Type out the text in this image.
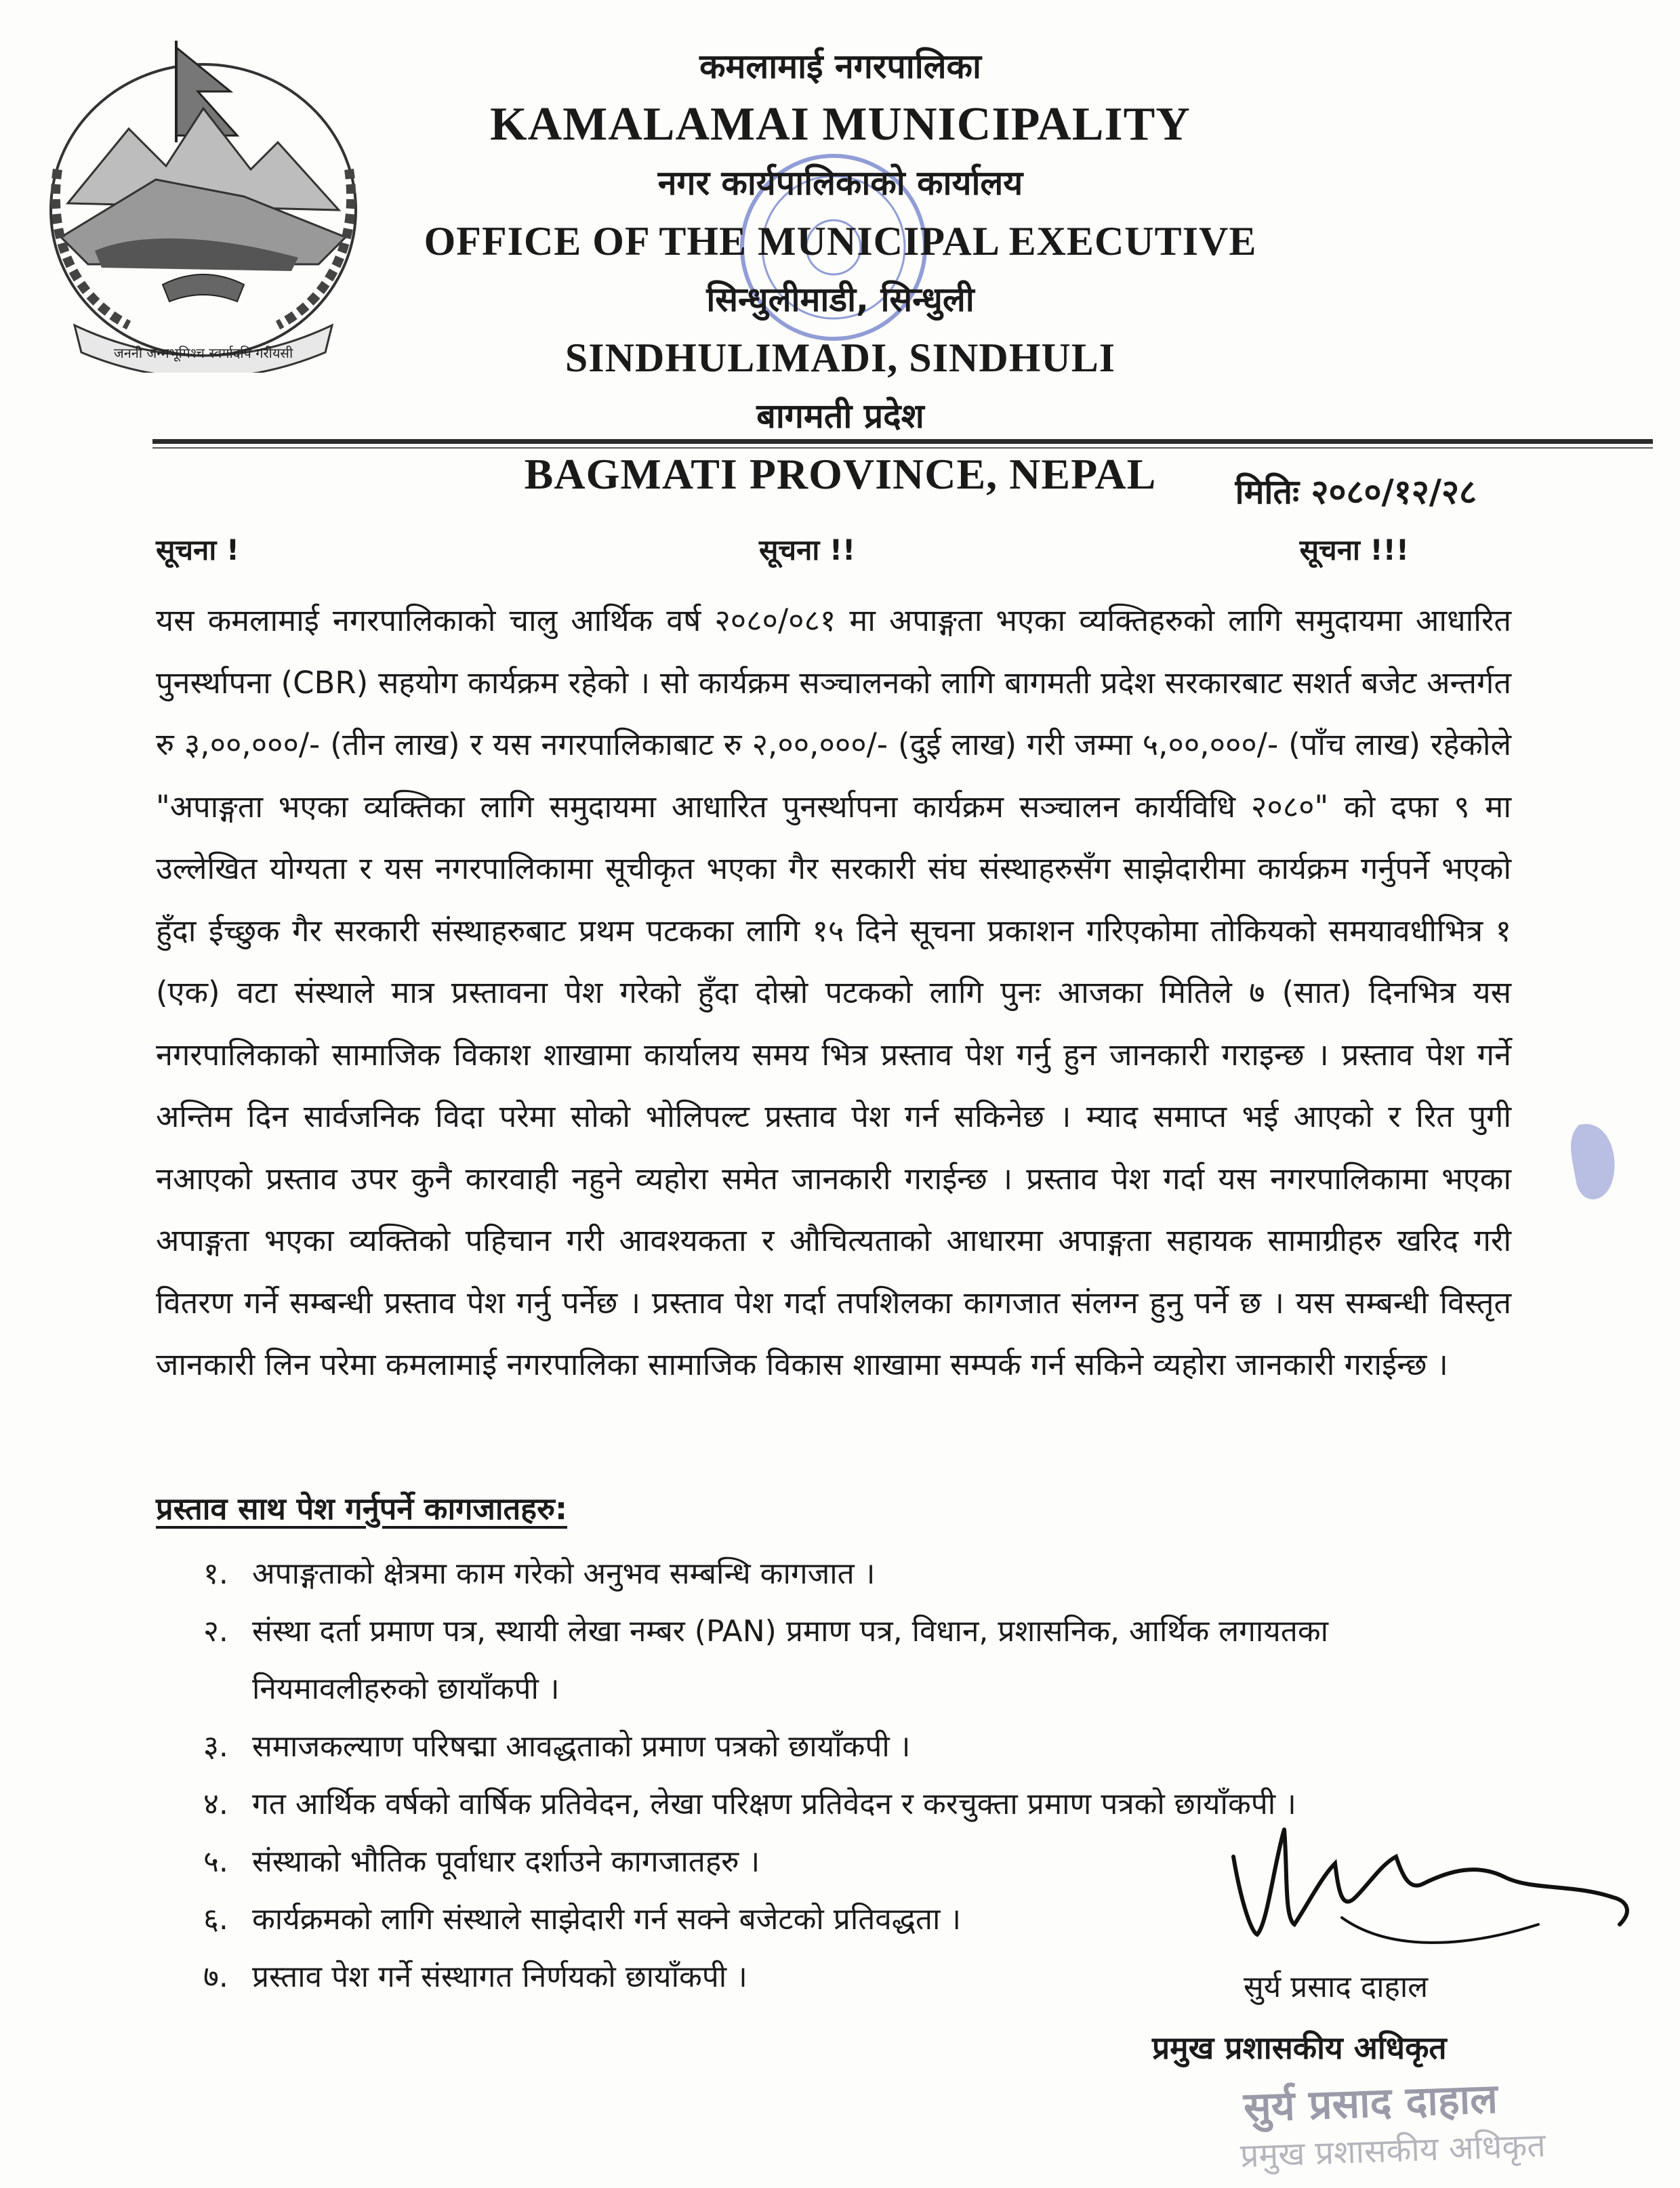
जननी जन्मभूमिश्च स्वर्गादपि गरीयसी
कमलामाई नगरपालिका
KAMALAMAI MUNICIPALITY
नगर कार्यपालिकाको कार्यालय
OFFICE OF THE MUNICIPAL EXECUTIVE
सिन्धुलीमाडी, सिन्धुली
SINDHULIMADI, SINDHULI
बागमती प्रदेश
BAGMATI PROVINCE, NEPAL	मितिः २०८०/१२/२८
सूचना !	सूचना !!	सूचना !!!
यस कमलामाई नगरपालिकाको चालु आर्थिक वर्ष २०८०/०८१ मा अपाङ्गता भएका व्यक्तिहरुको लागि समुदायमा आधारित पुनर्स्थापना (CBR) सहयोग कार्यक्रम रहेको । सो कार्यक्रम सञ्चालनको लागि बागमती प्रदेश सरकारबाट सशर्त बजेट अन्तर्गत रु ३,००,०००/- (तीन लाख) र यस नगरपालिकाबाट रु २,००,०००/- (दुई लाख) गरी जम्मा ५,००,०००/- (पाँच लाख) रहेकोले "अपाङ्गता भएका व्यक्तिका लागि समुदायमा आधारित पुनर्स्थापना कार्यक्रम सञ्चालन कार्यविधि २०८०" को दफा ९ मा उल्लेखित योग्यता र यस नगरपालिकामा सूचीकृत भएका गैर सरकारी संघ संस्थाहरुसँग साझेदारीमा कार्यक्रम गर्नुपर्ने भएको हुँदा ईच्छुक गैर सरकारी संस्थाहरुबाट प्रथम पटकका लागि १५ दिने सूचना प्रकाशन गरिएकोमा तोकियको समयावधीभित्र १ (एक) वटा संस्थाले मात्र प्रस्तावना पेश गरेको हुँदा दोस्रो पटकको लागि पुनः आजका मितिले ७ (सात) दिनभित्र यस नगरपालिकाको सामाजिक विकाश शाखामा कार्यालय समय भित्र प्रस्ताव पेश गर्नु हुन जानकारी गराइन्छ । प्रस्ताव पेश गर्ने अन्तिम दिन सार्वजनिक विदा परेमा सोको भोलिपल्ट प्रस्ताव पेश गर्न सकिनेछ । म्याद समाप्त भई आएको र रित पुगी नआएको प्रस्ताव उपर कुनै कारवाही नहुने व्यहोरा समेत जानकारी गराईन्छ । प्रस्ताव पेश गर्दा यस नगरपालिकामा भएका अपाङ्गता भएका व्यक्तिको पहिचान गरी आवश्यकता र औचित्यताको आधारमा अपाङ्गता सहायक सामाग्रीहरु खरिद गरी वितरण गर्ने सम्बन्धी प्रस्ताव पेश गर्नु पर्नेछ । प्रस्ताव पेश गर्दा तपशिलका कागजात संलग्न हुनु पर्ने छ । यस सम्बन्धी विस्तृत जानकारी लिन परेमा कमलामाई नगरपालिका सामाजिक विकास शाखामा सम्पर्क गर्न सकिने व्यहोरा जानकारी गराईन्छ ।
प्रस्ताव साथ पेश गर्नुपर्ने कागजातहरु:
१. अपाङ्गताको क्षेत्रमा काम गरेको अनुभव सम्बन्धि कागजात ।
२. संस्था दर्ता प्रमाण पत्र, स्थायी लेखा नम्बर (PAN) प्रमाण पत्र, विधान, प्रशासनिक, आर्थिक लगायतका नियमावलीहरुको छायाँकपी ।
३. समाजकल्याण परिषद्मा आवद्धताको प्रमाण पत्रको छायाँकपी ।
४. गत आर्थिक वर्षको वार्षिक प्रतिवेदन, लेखा परिक्षण प्रतिवेदन र करचुक्ता प्रमाण पत्रको छायाँकपी ।
५. संस्थाको भौतिक पूर्वाधार दर्शाउने कागजातहरु ।
६. कार्यक्रमको लागि संस्थाले साझेदारी गर्न सक्ने बजेटको प्रतिवद्धता ।
७. प्रस्ताव पेश गर्ने संस्थागत निर्णयको छायाँकपी ।	सुर्य प्रसाद दाहाल
प्रमुख प्रशासकीय अधिकृत
सुर्य प्रसाद दाहाल
प्रमुख प्रशासकीय अधिकृत
